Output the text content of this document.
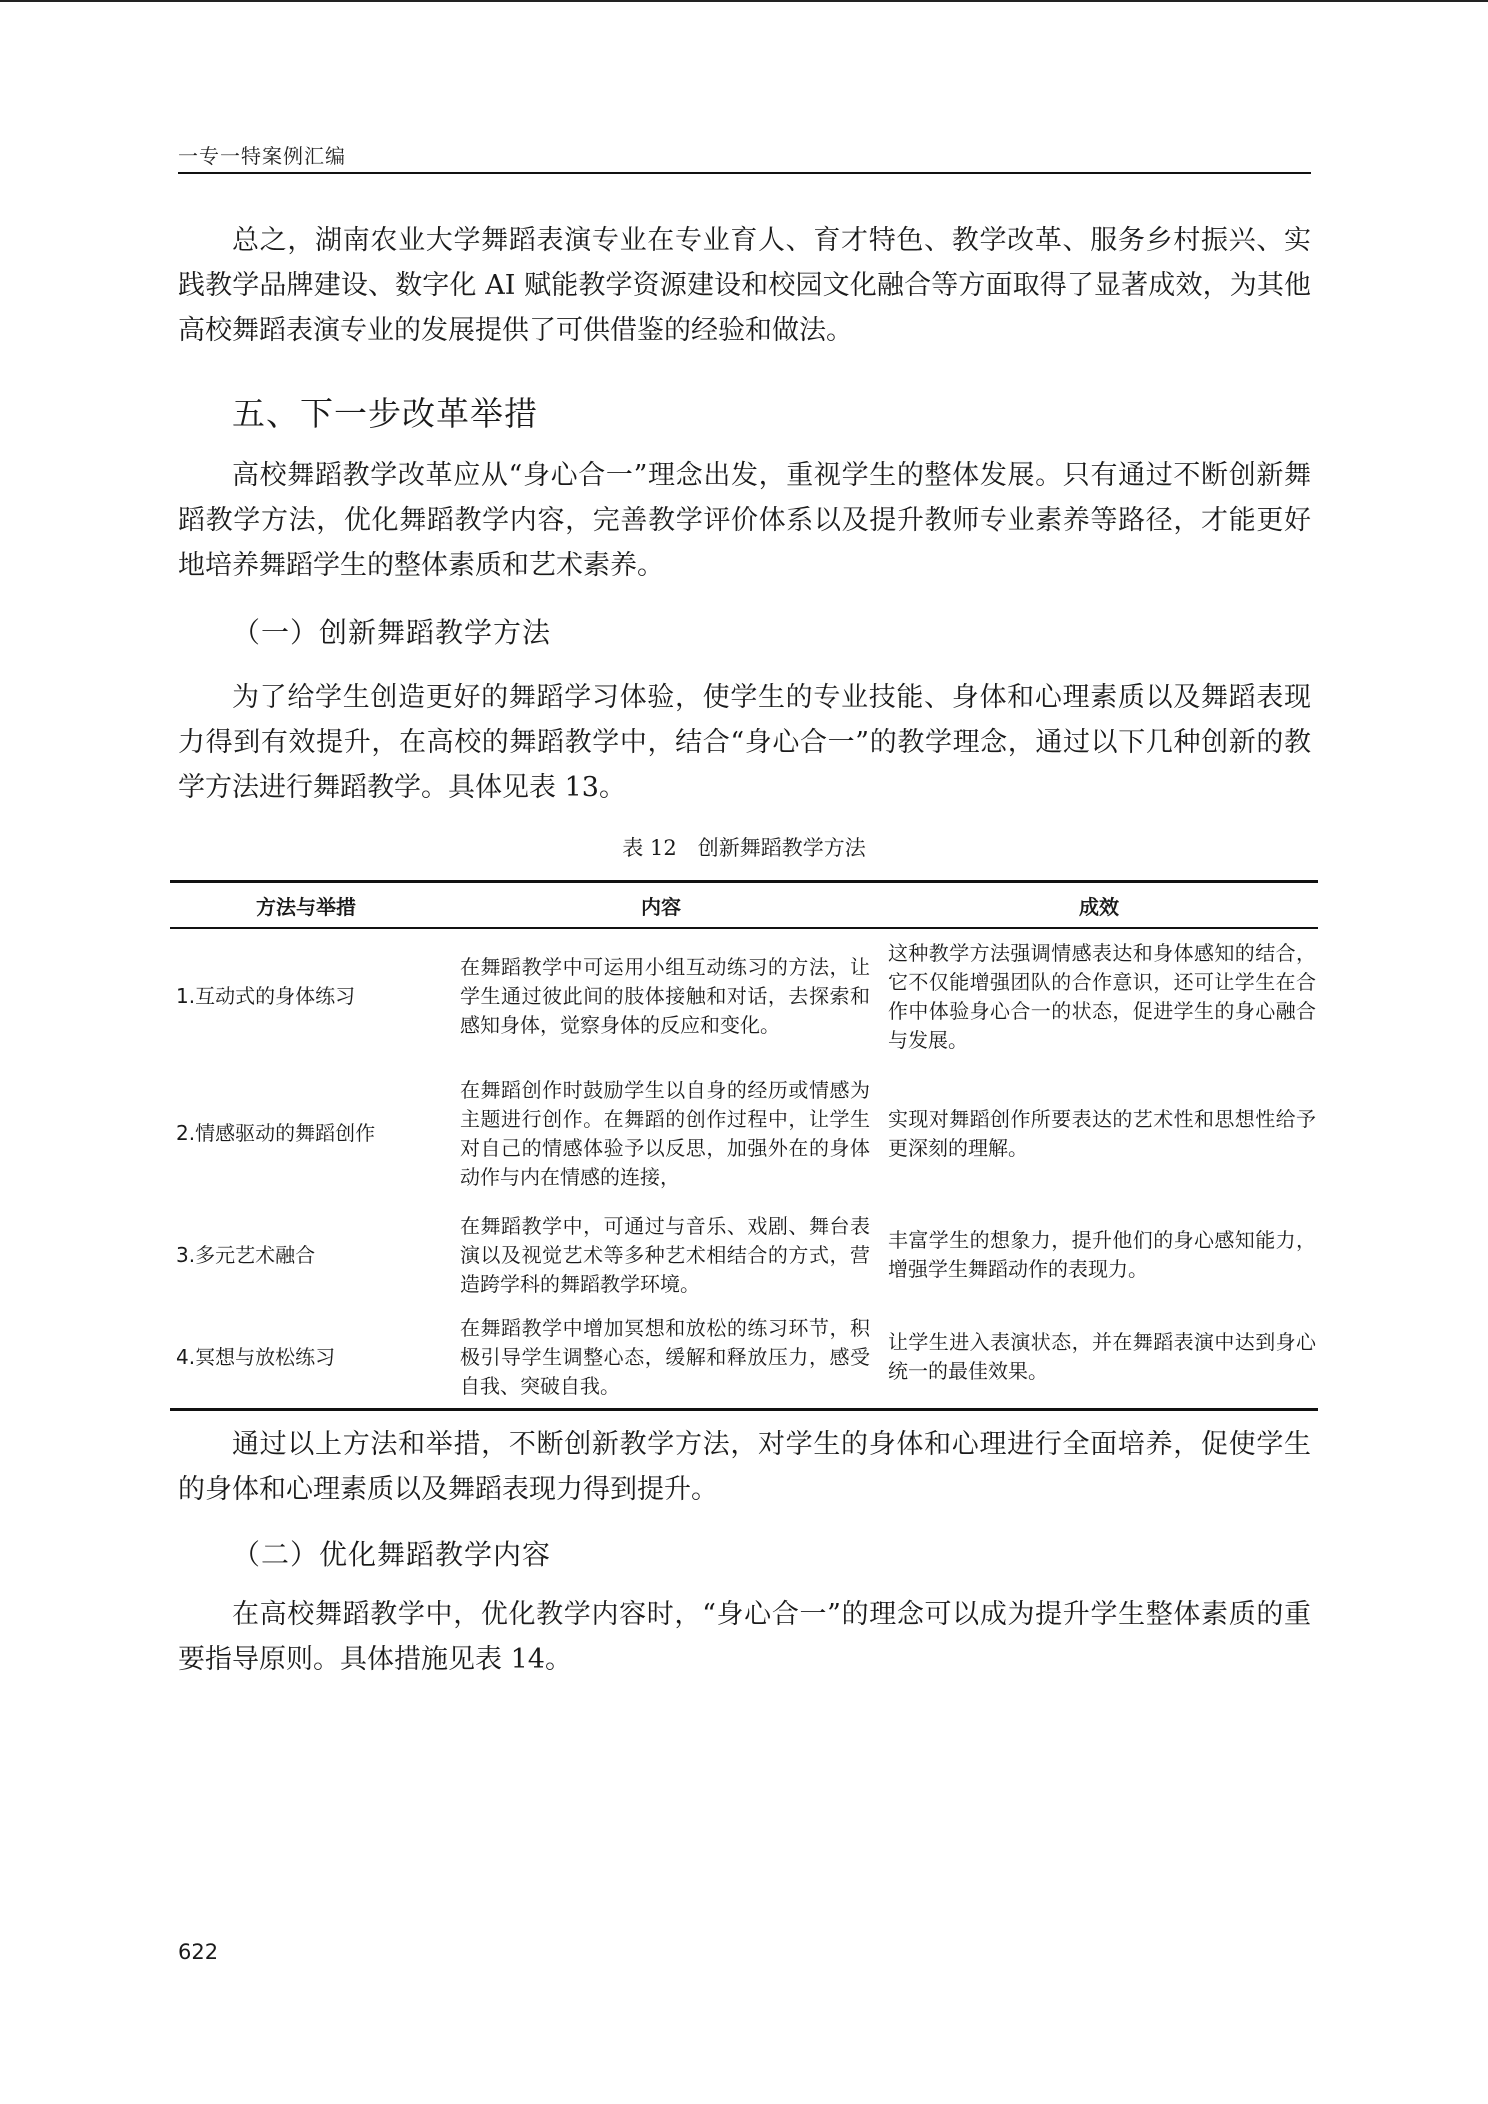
一专一特案例汇编

总之，湖南农业大学舞蹈表演专业在专业育人、育才特色、教学改革、服务乡村振兴、实践教学品牌建设、数字化 AI 赋能教学资源建设和校园文化融合等方面取得了显著成效，为其他高校舞蹈表演专业的发展提供了可供借鉴的经验和做法。

五、下一步改革举措

高校舞蹈教学改革应从“身心合一”理念出发，重视学生的整体发展。只有通过不断创新舞蹈教学方法，优化舞蹈教学内容，完善教学评价体系以及提升教师专业素养等路径，才能更好地培养舞蹈学生的整体素质和艺术素养。

（一）创新舞蹈教学方法

为了给学生创造更好的舞蹈学习体验，使学生的专业技能、身体和心理素质以及舞蹈表现力得到有效提升，在高校的舞蹈教学中，结合“身心合一”的教学理念，通过以下几种创新的教学方法进行舞蹈教学。具体见表 13。

表 12　创新舞蹈教学方法
方法与举措	内容	成效
1.互动式的身体练习	在舞蹈教学中可运用小组互动练习的方法，让学生通过彼此间的肢体接触和对话，去探索和感知身体，觉察身体的反应和变化。	这种教学方法强调情感表达和身体感知的结合，它不仅能增强团队的合作意识，还可让学生在合作中体验身心合一的状态，促进学生的身心融合与发展。
2.情感驱动的舞蹈创作	在舞蹈创作时鼓励学生以自身的经历或情感为主题进行创作。在舞蹈的创作过程中，让学生对自己的情感体验予以反思，加强外在的身体动作与内在情感的连接，	实现对舞蹈创作所要表达的艺术性和思想性给予更深刻的理解。
3.多元艺术融合	在舞蹈教学中，可通过与音乐、戏剧、舞台表演以及视觉艺术等多种艺术相结合的方式，营造跨学科的舞蹈教学环境。	丰富学生的想象力，提升他们的身心感知能力，增强学生舞蹈动作的表现力。
4.冥想与放松练习	在舞蹈教学中增加冥想和放松的练习环节，积极引导学生调整心态，缓解和释放压力，感受自我、突破自我。	让学生进入表演状态，并在舞蹈表演中达到身心统一的最佳效果。

通过以上方法和举措，不断创新教学方法，对学生的身体和心理进行全面培养，促使学生的身体和心理素质以及舞蹈表现力得到提升。

（二）优化舞蹈教学内容

在高校舞蹈教学中，优化教学内容时，“身心合一”的理念可以成为提升学生整体素质的重要指导原则。具体措施见表 14。

622
